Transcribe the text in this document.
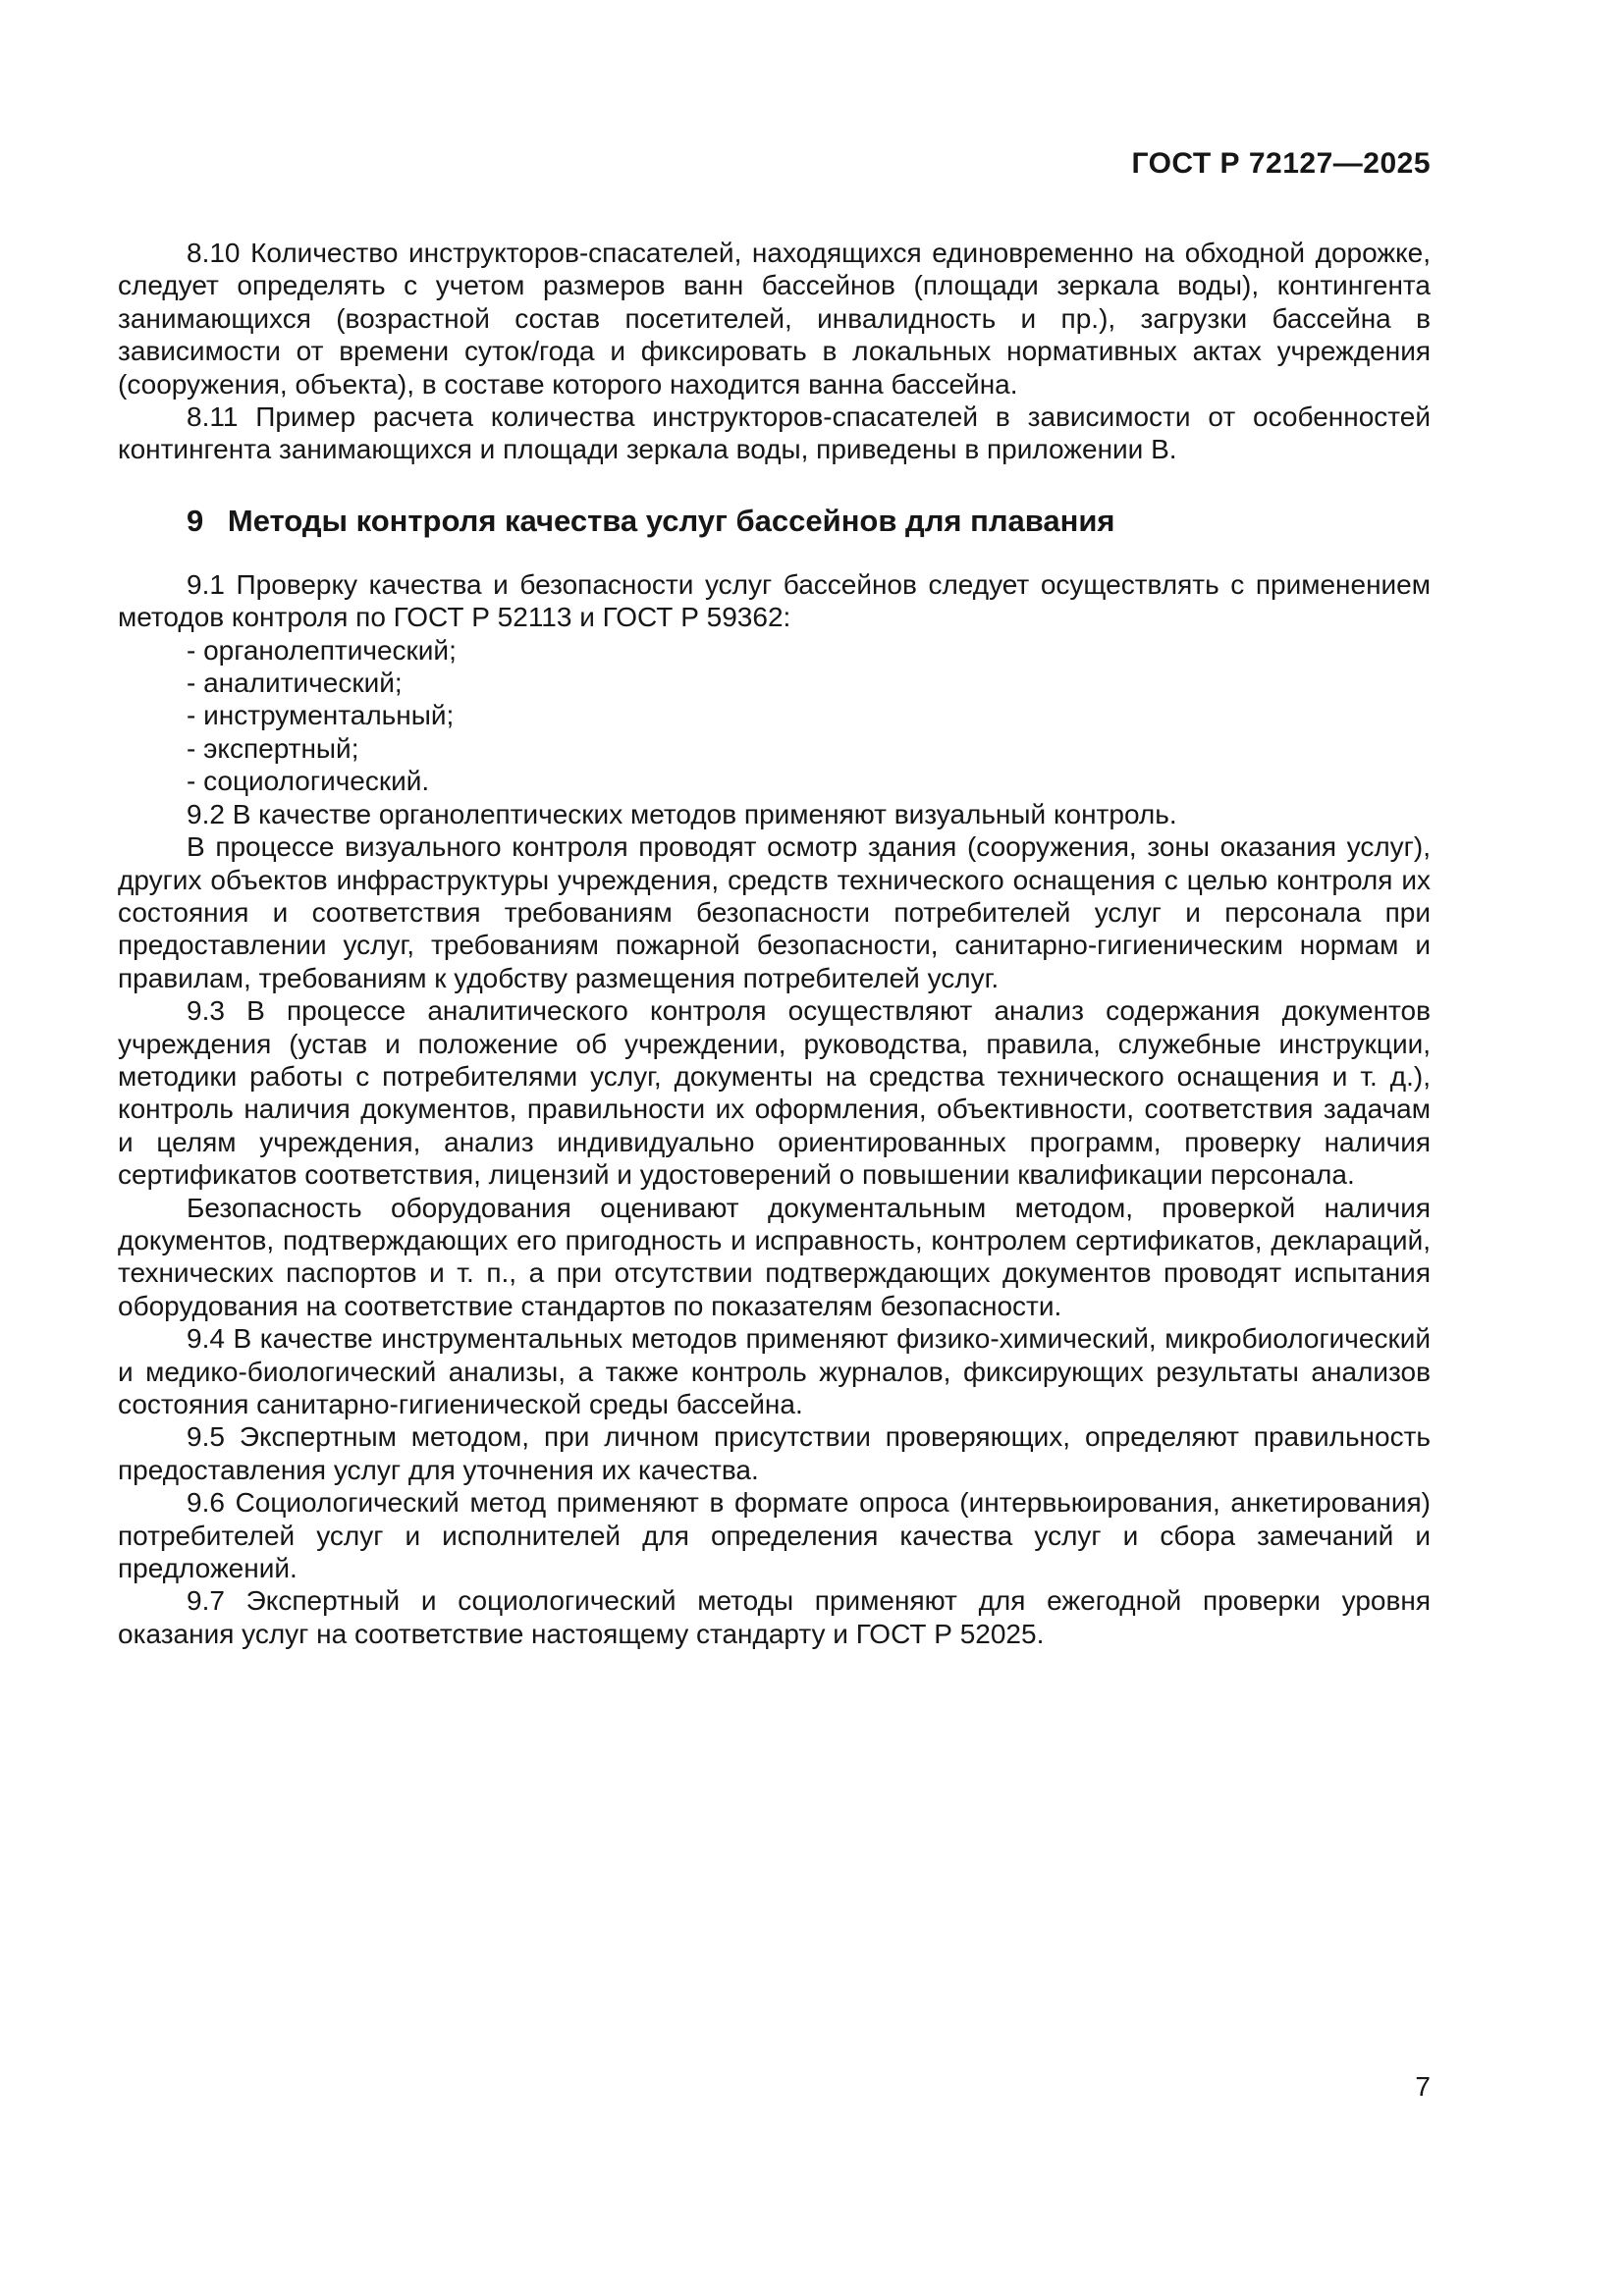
ГОСТ Р 72127—2025

8.10 Количество инструкторов-спасателей, находящихся единовременно на обходной дорожке, следует определять с учетом размеров ванн бассейнов (площади зеркала воды), контингента занимающихся (возрастной состав посетителей, инвалидность и пр.), загрузки бассейна в зависимости от времени суток/года и фиксировать в локальных нормативных актах учреждения (сооружения, объекта), в составе которого находится ванна бассейна.

8.11 Пример расчета количества инструкторов-спасателей в зависимости от особенностей контингента занимающихся и площади зеркала воды, приведены в приложении В.

9 Методы контроля качества услуг бассейнов для плавания

9.1 Проверку качества и безопасности услуг бассейнов следует осуществлять с применением методов контроля по ГОСТ Р 52113 и ГОСТ Р 59362:

- органолептический;

- аналитический;

- инструментальный;

- экспертный;

- социологический.

9.2 В качестве органолептических методов применяют визуальный контроль.

В процессе визуального контроля проводят осмотр здания (сооружения, зоны оказания услуг), других объектов инфраструктуры учреждения, средств технического оснащения с целью контроля их состояния и соответствия требованиям безопасности потребителей услуг и персонала при предоставлении услуг, требованиям пожарной безопасности, санитарно-гигиеническим нормам и правилам, требованиям к удобству размещения потребителей услуг.

9.3 В процессе аналитического контроля осуществляют анализ содержания документов учреждения (устав и положение об учреждении, руководства, правила, служебные инструкции, методики работы с потребителями услуг, документы на средства технического оснащения и т. д.), контроль наличия документов, правильности их оформления, объективности, соответствия задачам и целям учреждения, анализ индивидуально ориентированных программ, проверку наличия сертификатов соответствия, лицензий и удостоверений о повышении квалификации персонала.

Безопасность оборудования оценивают документальным методом, проверкой наличия документов, подтверждающих его пригодность и исправность, контролем сертификатов, деклараций, технических паспортов и т. п., а при отсутствии подтверждающих документов проводят испытания оборудования на соответствие стандартов по показателям безопасности.

9.4 В качестве инструментальных методов применяют физико-химический, микробиологический и медико-биологический анализы, а также контроль журналов, фиксирующих результаты анализов состояния санитарно-гигиенической среды бассейна.

9.5 Экспертным методом, при личном присутствии проверяющих, определяют правильность предоставления услуг для уточнения их качества.

9.6 Социологический метод применяют в формате опроса (интервьюирования, анкетирования) потребителей услуг и исполнителей для определения качества услуг и сбора замечаний и предложений.

9.7 Экспертный и социологический методы применяют для ежегодной проверки уровня оказания услуг на соответствие настоящему стандарту и ГОСТ Р 52025.

7
